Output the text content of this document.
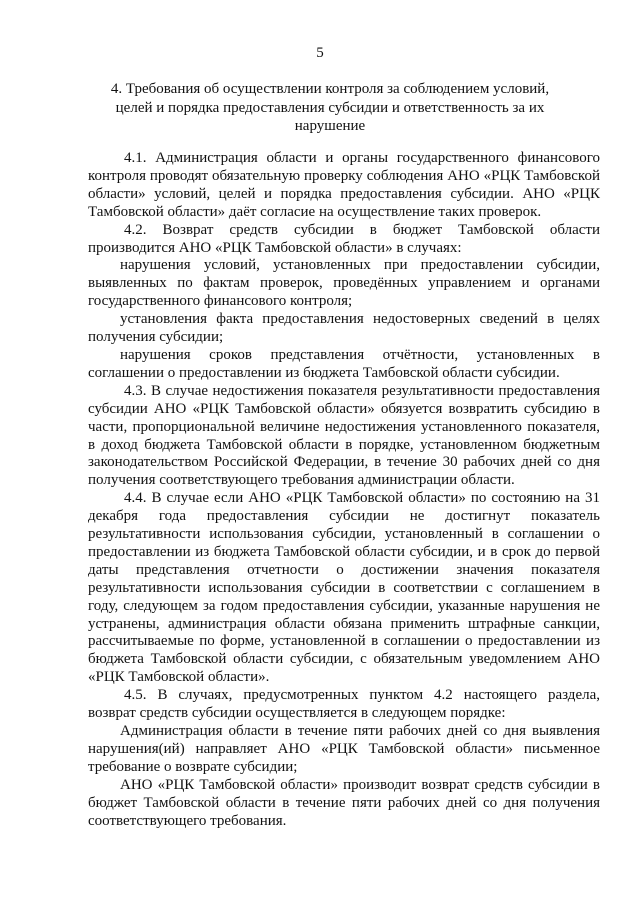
5
4. Требования об осуществлении контроля за соблюдением условий, целей и порядка предоставления субсидии и ответственность за их нарушение

4.1. Администрация области и органы государственного финансового контроля проводят обязательную проверку соблюдения АНО «РЦК Тамбовской области» условий, целей и порядка предоставления субсидии. АНО «РЦК Тамбовской области» даёт согласие на осуществление таких проверок.

4.2. Возврат средств субсидии в бюджет Тамбовской области производится АНО «РЦК Тамбовской области» в случаях:

нарушения условий, установленных при предоставлении субсидии, выявленных по фактам проверок, проведённых управлением и органами государственного финансового контроля;

установления факта предоставления недостоверных сведений в целях получения субсидии;

нарушения сроков представления отчётности, установленных в соглашении о предоставлении из бюджета Тамбовской области субсидии.

4.3. В случае недостижения показателя результативности предоставления субсидии АНО «РЦК Тамбовской области» обязуется возвратить субсидию в части, пропорциональной величине недостижения установленного показателя, в доход бюджета Тамбовской области в порядке, установленном бюджетным законодательством Российской Федерации, в течение 30 рабочих дней со дня получения соответствующего требования администрации области.

4.4. В случае если АНО «РЦК Тамбовской области» по состоянию на 31 декабря года предоставления субсидии не достигнут показатель результативности использования субсидии, установленный в соглашении о предоставлении из бюджета Тамбовской области субсидии, и в срок до первой даты представления отчетности о достижении значения показателя результативности использования субсидии в соответствии с соглашением в году, следующем за годом предоставления субсидии, указанные нарушения не устранены, администрация области обязана применить штрафные санкции, рассчитываемые по форме, установленной в соглашении о предоставлении из бюджета Тамбовской области субсидии, с обязательным уведомлением АНО «РЦК Тамбовской области».

4.5. В случаях, предусмотренных пунктом 4.2 настоящего раздела, возврат средств субсидии осуществляется в следующем порядке:

Администрация области в течение пяти рабочих дней со дня выявления нарушения(ий) направляет АНО «РЦК Тамбовской области» письменное требование о возврате субсидии;

АНО «РЦК Тамбовской области» производит возврат средств субсидии в бюджет Тамбовской области в течение пяти рабочих дней со дня получения соответствующего требования.
